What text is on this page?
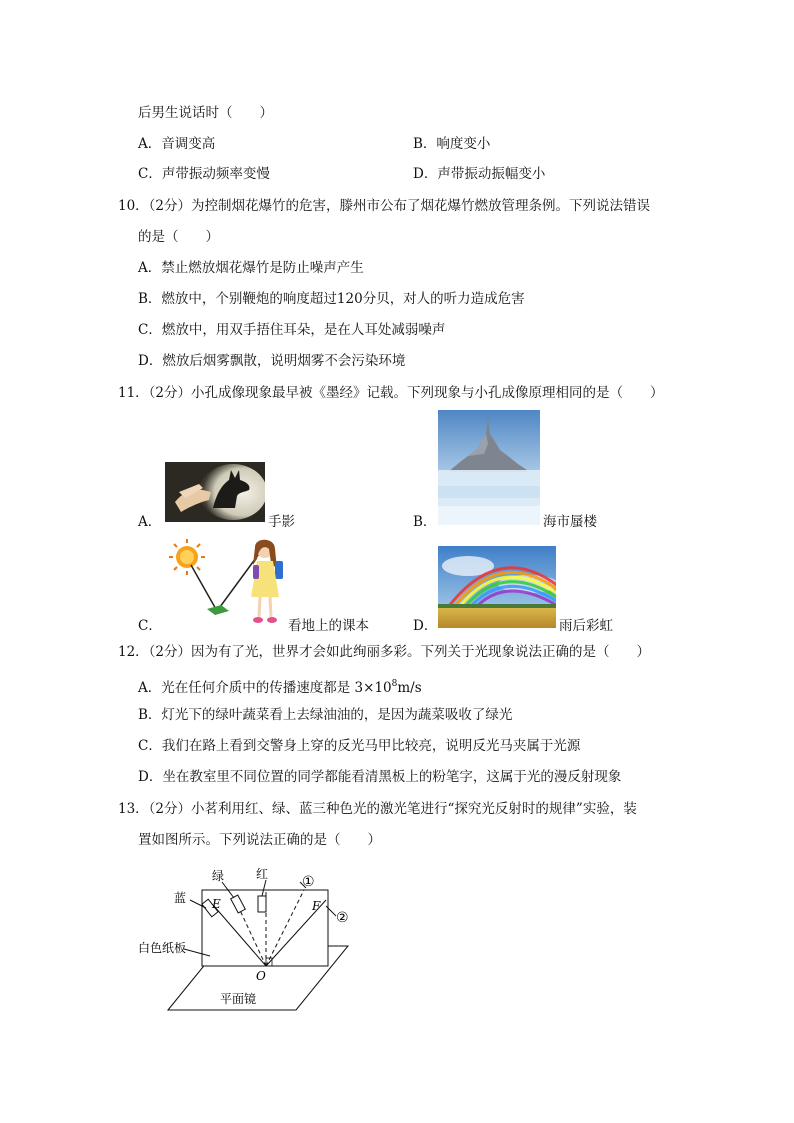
后男生说话时（　　）
A．音调变高	B．响度变小
C．声带振动频率变慢	D．声带振动振幅变小
10．（2分）为控制烟花爆竹的危害，滕州市公布了烟花爆竹燃放管理条例。下列说法错误
的是（　　）
A．禁止燃放烟花爆竹是防止噪声产生
B．燃放中，个别鞭炮的响度超过120分贝，对人的听力造成危害
C．燃放中，用双手捂住耳朵，是在人耳处减弱噪声
D．燃放后烟雾飘散，说明烟雾不会污染环境
11．（2分）小孔成像现象最早被《墨经》记载。下列现象与小孔成像原理相同的是（　　）
A．	手影	B．	海市蜃楼
C．	看地上的课本	D．	雨后彩虹
12．（2分）因为有了光，世界才会如此绚丽多彩。下列关于光现象说法正确的是（　　）
A．光在任何介质中的传播速度都是 $3\times 10^8m/s$
B．灯光下的绿叶蔬菜看上去绿油油的，是因为蔬菜吸收了绿光
C．我们在路上看到交警身上穿的反光马甲比较亮，说明反光马夹属于光源
D．坐在教室里不同位置的同学都能看清黑板上的粉笔字，这属于光的漫反射现象
13．（2分）小茗利用红、绿、蓝三种色光的激光笔进行“探究光反射时的规律”实验，装
置如图所示。下列说法正确的是（　　）
蓝
绿	红 ①
②
E	F
O
白色纸板
平面镜
